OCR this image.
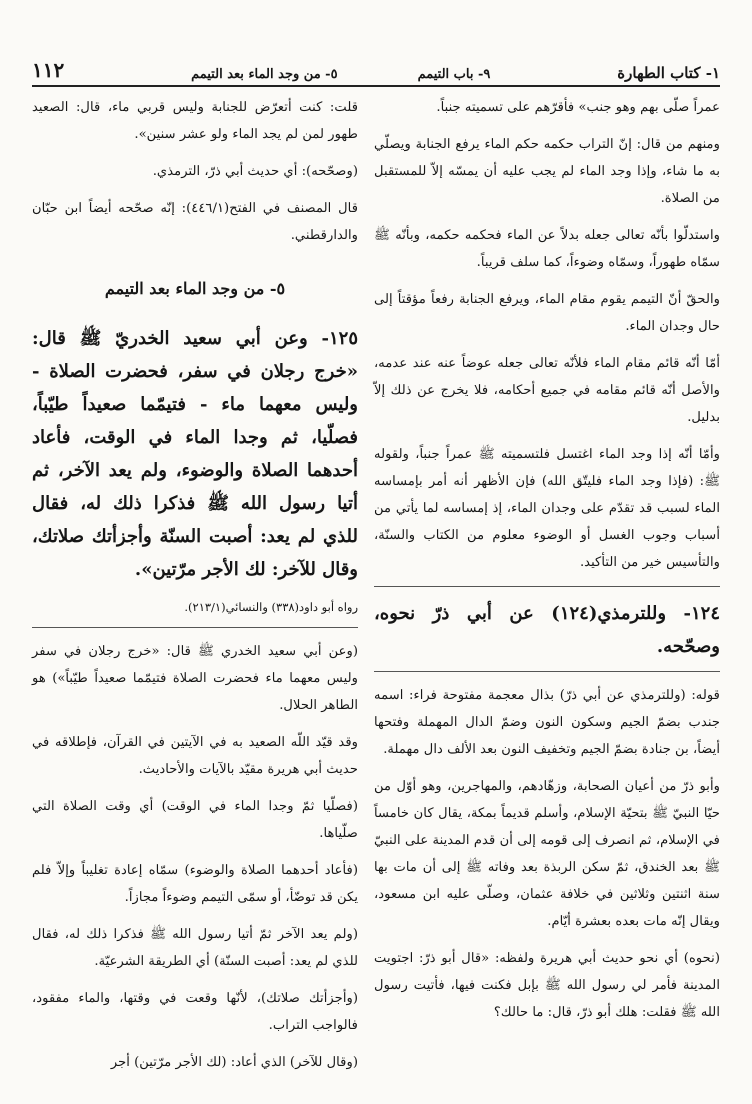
١- كتاب الطهارة
٩- باب التيمم
٥- من وجد الماء بعد التيمم
١١٢

عمراً صلّى بهم وهو جنب» فأقرّهم على تسميته جنباً.

ومنهم من قال: إنّ التراب حكمه حكم الماء يرفع الجنابة ويصلّي به ما شاء، وإذا وجد الماء لم يجب عليه أن يمسّه إلاّ للمستقبل من الصلاة.

واستدلّوا بأنّه تعالى جعله بدلاً عن الماء فحكمه حكمه، وبأنّه ﷺ سمّاه طهوراً، وسمّاه وضوءاً، كما سلف قريباً.

والحقّ أنّ التيمم يقوم مقام الماء، ويرفع الجنابة رفعاً مؤقتاً إلى حال وجدان الماء.

أمّا أنّه قائم مقام الماء فلأنّه تعالى جعله عوضاً عنه عند عدمه، والأصل أنّه قائم مقامه في جميع أحكامه، فلا يخرج عن ذلك إلاّ بدليل.

وأمّا أنّه إذا وجد الماء اغتسل فلتسميته ﷺ عمراً جنباً، ولقوله ﷺ: (فإذا وجد الماء فليتّق الله) فإن الأظهر أنه أمر بإمساسه الماء لسبب قد تقدّم على وجدان الماء، إذ إمساسه لما يأتي من أسباب وجوب الغسل أو الوضوء معلوم من الكتاب والسنّة، والتأسيس خير من التأكيد.

١٢٤- وللترمذي(١٢٤) عن أبي ذرّ نحوه، وصحّحه.

قوله: (وللترمذي عن أبي ذرّ) بذال معجمة مفتوحة فراء: اسمه جندب بضمّ الجيم وسكون النون وضمّ الدال المهملة وفتحها أيضاً، بن جنادة بضمّ الجيم وتخفيف النون بعد الألف دال مهملة.

وأبو ذرّ من أعيان الصحابة، وزهّادهم، والمهاجرين، وهو أوّل من حيّا النبيّ ﷺ بتحيّة الإسلام، وأسلم قديماً بمكة، يقال كان خامساً في الإسلام، ثم انصرف إلى قومه إلى أن قدم المدينة على النبيّ ﷺ بعد الخندق، ثمّ سكن الربذة بعد وفاته ﷺ إلى أن مات بها سنة اثنتين وثلاثين في خلافة عثمان، وصلّى عليه ابن مسعود، ويقال إنّه مات بعده بعشرة أيّام.

(نحوه) أي نحو حديث أبي هريرة ولفظه: «قال أبو ذرّ: اجتويت المدينة فأمر لي رسول الله ﷺ بإبل فكنت فيها، فأتيت رسول الله ﷺ فقلت: هلك أبو ذرّ، قال: ما حالك؟

قلت: كنت أتعرّض للجنابة وليس قربي ماء، قال: الصعيد طهور لمن لم يجد الماء ولو عشر سنين».

(وصحّحه): أي حديث أبي ذرّ، الترمذي.

قال المصنف في الفتح(٤٤٦/١): إنّه صحّحه أيضاً ابن حبّان والدارقطني.

٥- من وجد الماء بعد التيمم
١٢٥- وعن أبي سعيد الخدريّ ﷺ قال: «خرج رجلان في سفر، فحضرت الصلاة - وليس معهما ماء - فتيمّما صعيداً طيّباً، فصلّيا، ثم وجدا الماء في الوقت، فأعاد أحدهما الصلاة والوضوء، ولم يعد الآخر، ثم أتيا رسول الله ﷺ فذكرا ذلك له، فقال للذي لم يعد: أصبت السنّة وأجزأتك صلاتك، وقال للآخر: لك الأجر مرّتين».
رواه أبو داود(٣٣٨) والنسائي(٢١٣/١).

(وعن أبي سعيد الخدري ﷺ قال: «خرج رجلان في سفر وليس معهما ماء فحضرت الصلاة فتيمّما صعيداً طيّباً») هو الطاهر الحلال.

وقد قيّد اللّه الصعيد به في الآيتين في القرآن، فإطلاقه في حديث أبي هريرة مقيّد بالآيات والأحاديث.

(فصلّيا ثمّ وجدا الماء في الوقت) أي وقت الصلاة التي صلّياها.

(فأعاد أحدهما الصلاة والوضوء) سمّاه إعادة تغليباً وإلاّ فلم يكن قد توضّأ، أو سمّى التيمم وضوءاً مجازاً.

(ولم يعد الآخر ثمّ أتيا رسول الله ﷺ فذكرا ذلك له، فقال للذي لم يعد: أصبت السنّة) أي الطريقة الشرعيّة.

(وأجزأتك صلاتك)، لأنّها وقعت في وقتها، والماء مفقود، فالواجب التراب.

(وقال للآخر) الذي أعاد: (لك الأجر مرّتين) أجر
